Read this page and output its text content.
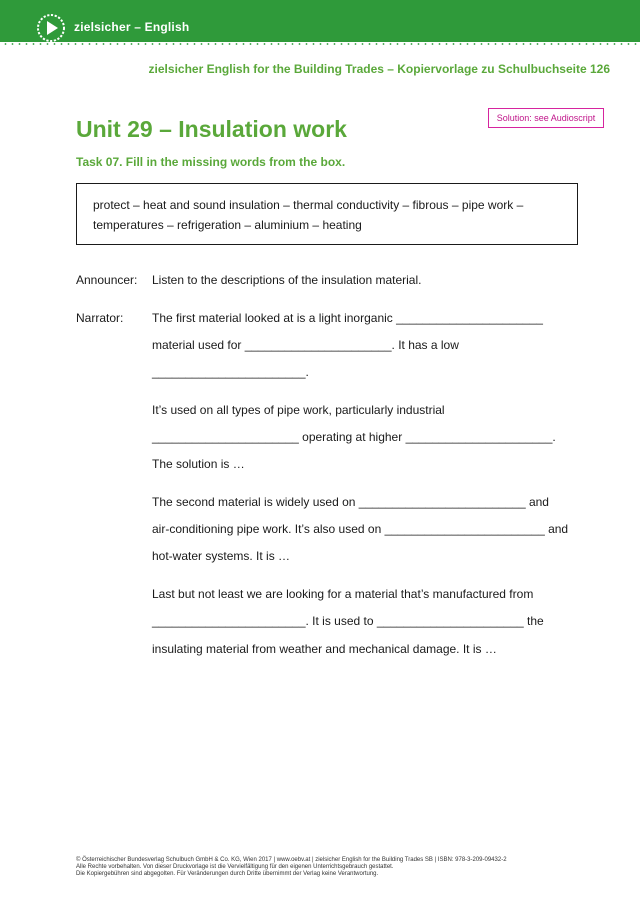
zielsicher – English
zielsicher English for the Building Trades – Kopiervorlage zu Schulbuchseite 126
Solution: see Audioscript
Unit 29 – Insulation work
Task 07. Fill in the missing words from the box.
protect – heat and sound insulation – thermal conductivity – fibrous – pipe work –
temperatures – refrigeration – aluminium – heating
Announcer: Listen to the descriptions of the insulation material.
Narrator: The first material looked at is a light inorganic ______________________
material used for ______________________. It has a low
_______________________.
It’s used on all types of pipe work, particularly industrial
______________________ operating at higher ______________________.
The solution is …
The second material is widely used on _________________________ and
air-conditioning pipe work. It’s also used on ________________________ and
hot-water systems. It is …
Last but not least we are looking for a material that’s manufactured from
_______________________. It is used to ______________________ the
insulating material from weather and mechanical damage. It is …
© Österreichischer Bundesverlag Schulbuch GmbH & Co. KG, Wien 2017 | www.oebv.at | zielsicher English for the Building Trades SB | ISBN: 978-3-209-09432-2
Alle Rechte vorbehalten. Von dieser Druckvorlage ist die Vervielfältigung für den eigenen Unterrichtsgebrauch gestattet.
Die Kopiergebühren sind abgegolten. Für Veränderungen durch Dritte übernimmt der Verlag keine Verantwortung.
